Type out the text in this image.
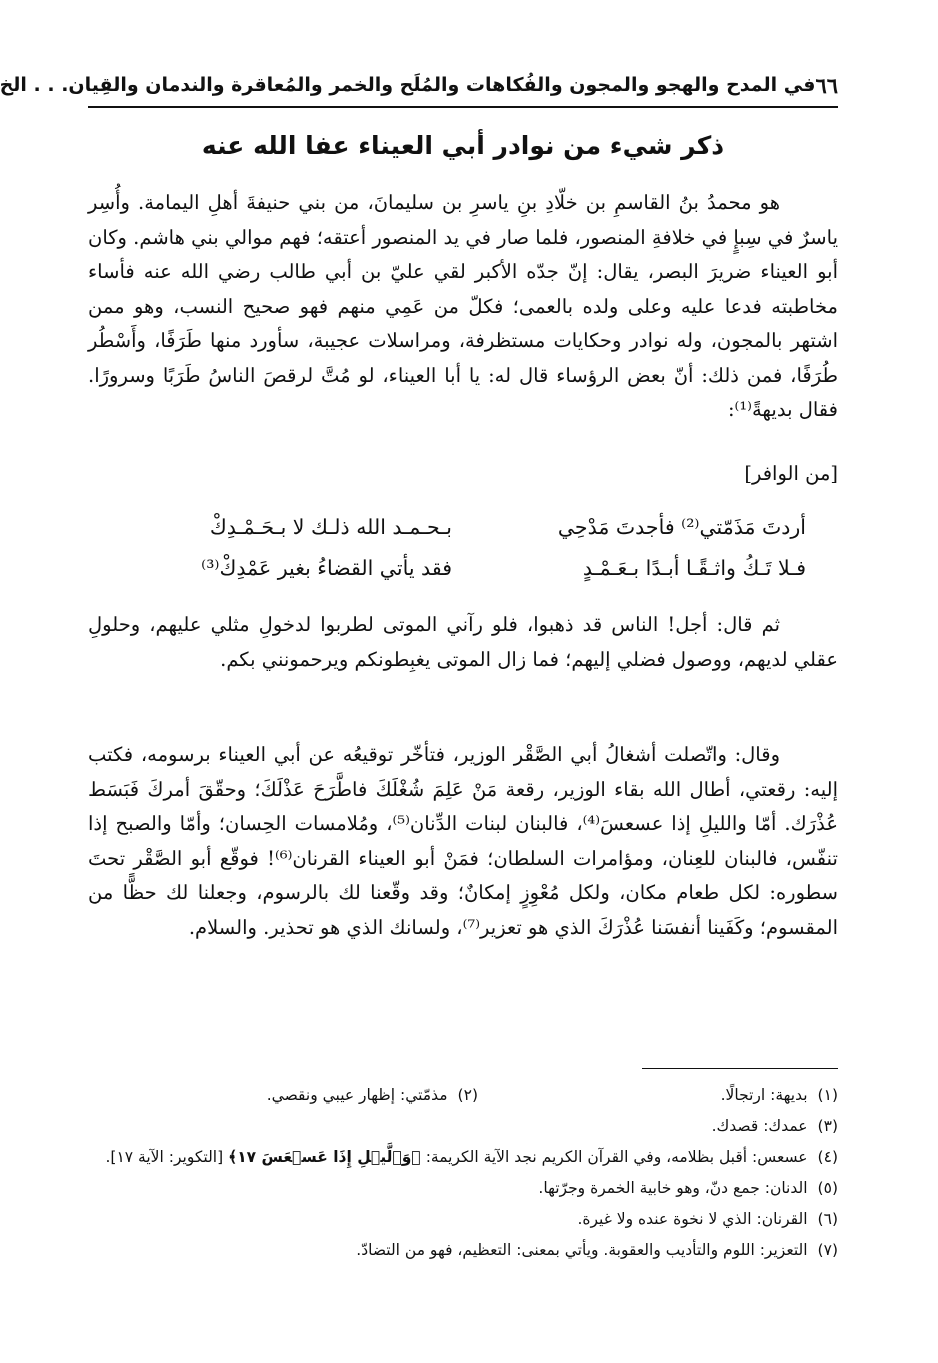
٦٦
في المدح والهجو والمجون والفُكاهات والمُلَح والخمر والمُعاقرة والندمان والقِيان. . . الخ
ذكر شيء من نوادر أبي العيناء عفا الله عنه

هو محمدُ بنُ القاسمِ بن خلّادِ بنِ ياسرِ بن سليمانَ، من بني حنيفةَ أهلِ اليمامة. وأُسِر ياسرٌ في سِبإٍ في خلافةِ المنصور، فلما صار في يد المنصور أعتقه؛ فهم موالي بني هاشم. وكان أبو العيناء ضريرَ البصر، يقال: إنّ جدّه الأكبر لقي عليّ بن أبي طالب رضي الله عنه فأساء مخاطبته فدعا عليه وعلى ولده بالعمى؛ فكلّ من عَمِي منهم فهو صحيح النسب، وهو ممن اشتهر بالمجون، وله نوادر وحكايات مستظرفة، ومراسلات عجيبة، سأورد منها طَرَفًا، وأَسْطُر طُرَفًا، فمن ذلك: أنّ بعض الرؤساء قال له: يا أبا العيناء، لو مُتَّ لرقصَ الناسُ طَرَبًا وسرورًا. فقال بديهةً⁽¹⁾:

[من الوافر]
أردتَ مَذَمّتي⁽²⁾ فأجدتَ مَدْحِي
بـحـمـد الله ذلـك لا بـحَـمْـدِكْ
فـلا تَـكُ واثـقًـا أبـدًا بـعَـمْـدٍ
فقد يأتي القضاءُ بغير عَمْدِكْ⁽³⁾

ثم قال: أجل! الناس قد ذهبوا، فلو رآني الموتى لطربوا لدخولِ مثلي عليهم، وحلولِ عقلي لديهم، ووصول فضلي إليهم؛ فما زال الموتى يغبِطونكم ويرحمونني بكم.

وقال: واتّصلت أشغالُ أبي الصَّقْر الوزير، فتأخّر توقيعُه عن أبي العيناء برسومه، فكتب إليه: رقعتي، أطال الله بقاء الوزير، رقعة مَنْ عَلِمَ شُغْلَكَ فاطَّرَحَ عَذْلَكَ؛ وحقّقَ أمركَ فَبَسَط عُذْرَك. أمّا والليلِ إذا عسعسَ⁽⁴⁾، فالبنان لبنات الدِّنان⁽⁵⁾، ومُلامسات الحِسان؛ وأمّا والصبح إذا تنفّس، فالبنان للعِنان، ومؤامرات السلطان؛ فمَنْ أبو العيناء القرنان⁽⁶⁾! فوقّع أبو الصَّقْر تحتَ سطوره: لكل طعام مكان، ولكل مُعْوِزٍ إمكانٌ؛ وقد وقّعنا لك بالرسوم، وجعلنا لك حظًّا من المقسوم؛ وكَفَينا أنفسَنا عُذْرَكَ الذي هو تعزير⁽⁷⁾، ولسانك الذي هو تحذير. والسلام.

(١)
بديهة: ارتجالًا.
(٢)
مذمّتي: إظهار عيبي ونقصي.
(٣)
عمدك: قصدك.
(٤)
عسعس: أقبل بظلامه، وفي القرآن الكريم نجد الآية الكريمة: ﴿وَٱلَّيۡلِ إِذَا عَسۡعَسَ ١٧﴾ [التكوير: الآية ١٧].
(٥)
الدنان: جمع دنّ، وهو خابية الخمرة وجرّتها.
(٦)
القرنان: الذي لا نخوة عنده ولا غيرة.
(٧)
التعزير: اللوم والتأديب والعقوبة. ويأتي بمعنى: التعظيم، فهو من التضادّ.
